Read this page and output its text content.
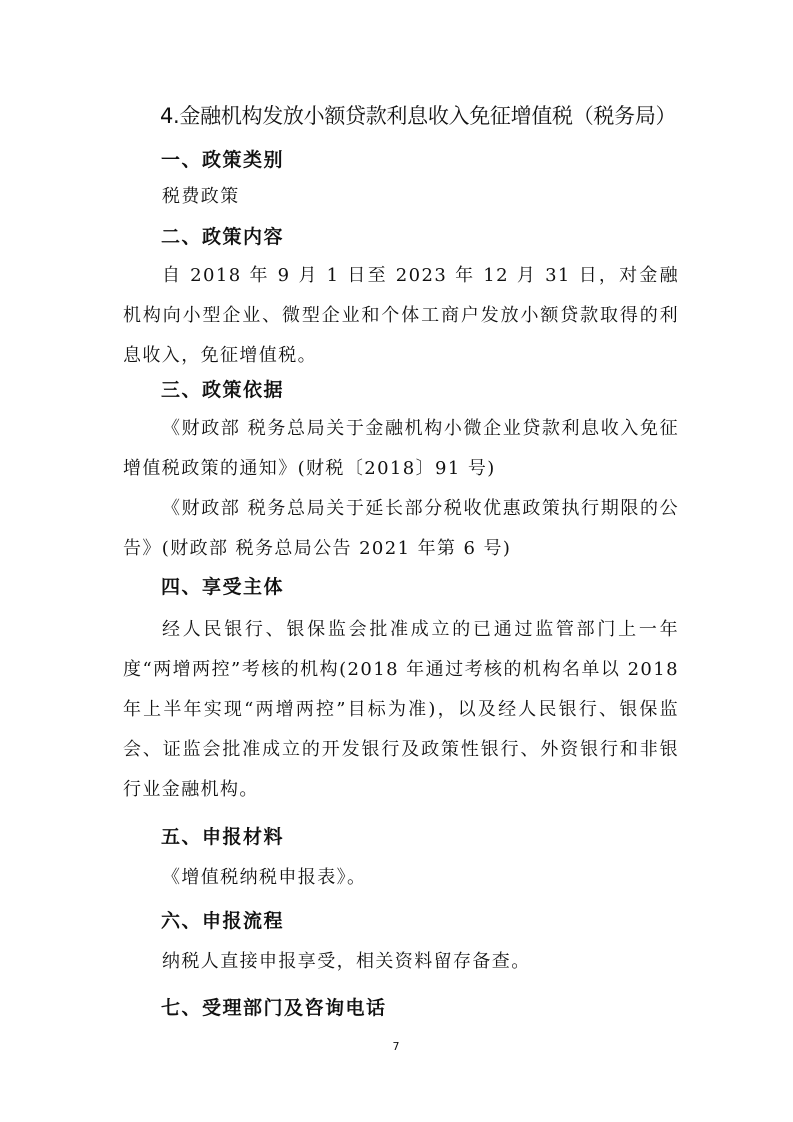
4.金融机构发放小额贷款利息收入免征增值税（税务局）
一、政策类别

税费政策

二、政策内容

自 2018 年 9 月 1 日至 2023 年 12 月 31 日，对金融机构向小型企业、微型企业和个体工商户发放小额贷款取得的利息收入，免征增值税。

三、政策依据

《财政部 税务总局关于金融机构小微企业贷款利息收入免征增值税政策的通知》(财税〔2018〕91 号)

《财政部 税务总局关于延长部分税收优惠政策执行期限的公告》(财政部 税务总局公告 2021 年第 6 号)

四、享受主体

经人民银行、银保监会批准成立的已通过监管部门上一年度“两增两控”考核的机构(2018 年通过考核的机构名单以 2018 年上半年实现“两增两控”目标为准)，以及经人民银行、银保监会、证监会批准成立的开发银行及政策性银行、外资银行和非银行业金融机构。

五、申报材料

《增值税纳税申报表》。

六、申报流程

纳税人直接申报享受，相关资料留存备查。

七、受理部门及咨询电话
7
